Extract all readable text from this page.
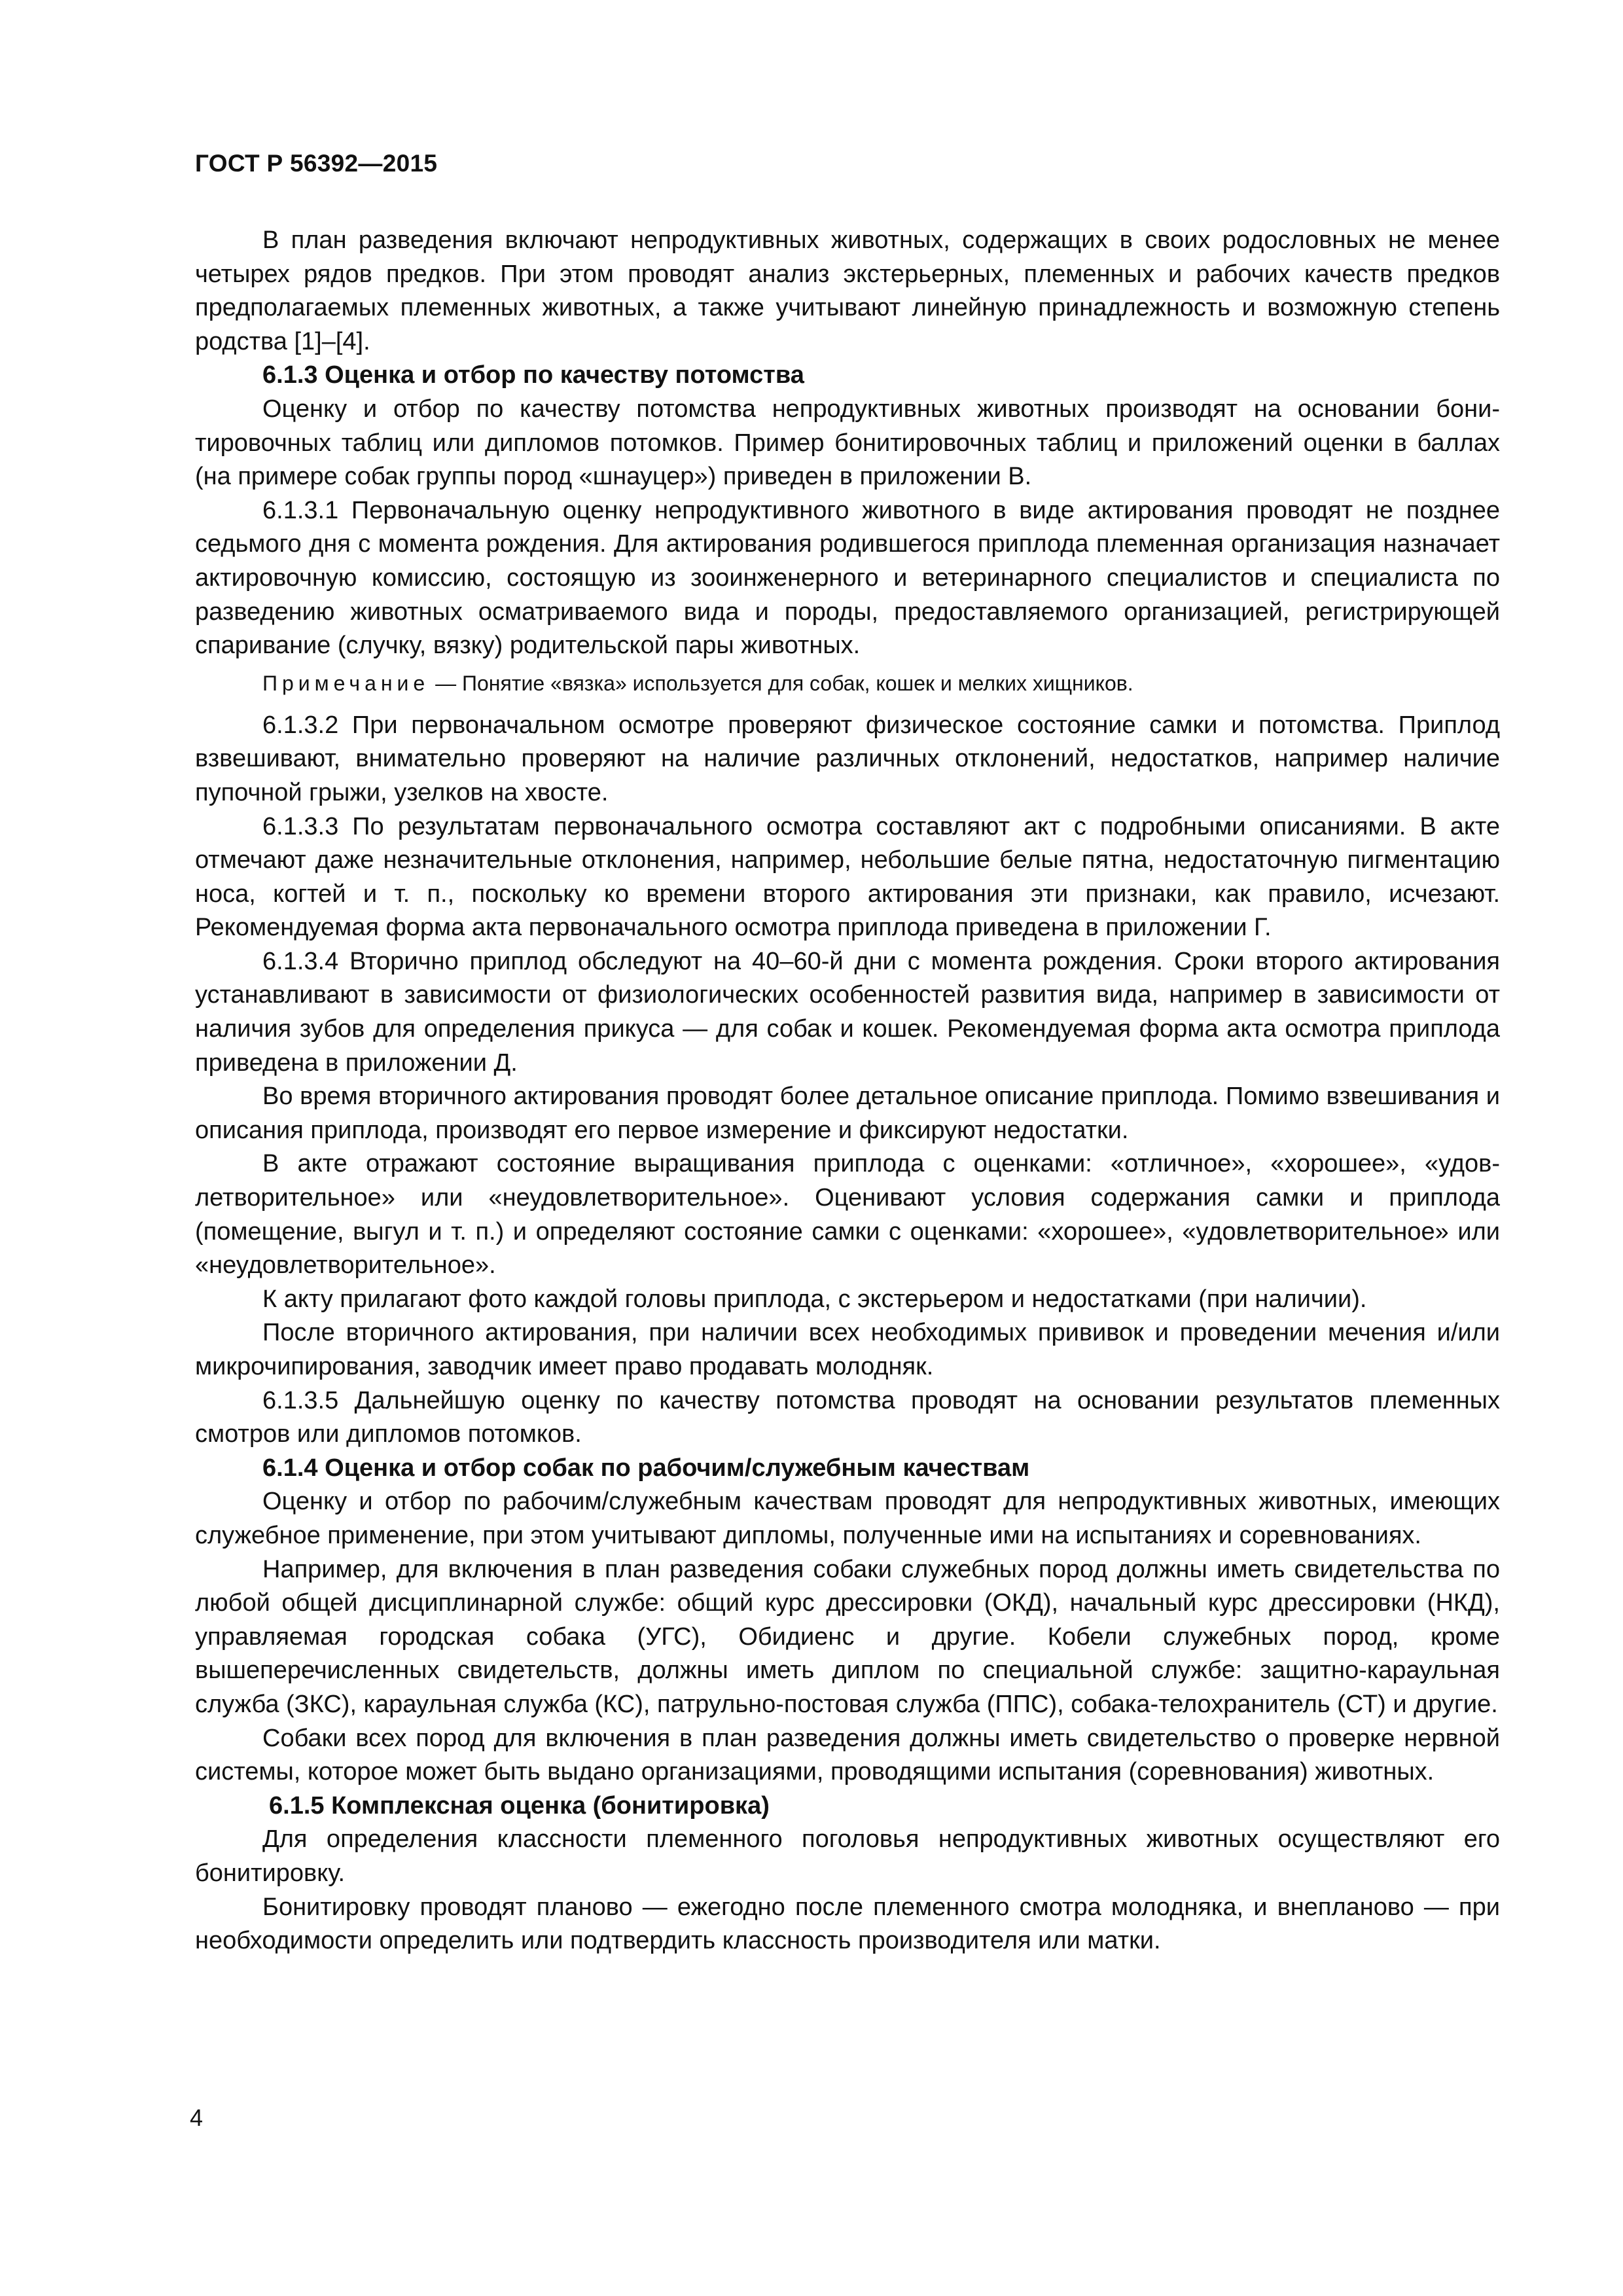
ГОСТ Р 56392—2015

В план разведения включают непродуктивных животных, содержащих в своих родословных не менее четырех рядов предков. При этом проводят анализ экстерьерных, племенных и рабочих качеств предков предполагаемых племенных животных, а также учитывают линейную принадлежность и возможную степень родства [1]–[4].

6.1.3 Оценка и отбор по качеству потомства

Оценку и отбор по качеству потомства непродуктивных животных производят на основании бонитировочных таблиц или дипломов потомков. Пример бонитировочных таблиц и приложений оценки в баллах (на примере собак группы пород «шнауцер») приведен в приложении В.

6.1.3.1 Первоначальную оценку непродуктивного животного в виде актирования проводят не позднее седьмого дня с момента рождения. Для актирования родившегося приплода племенная организация назначает актировочную комиссию, состоящую из зооинженерного и ветеринарного специалистов и специалиста по разведению животных осматриваемого вида и породы, предоставляемого организацией, регистрирующей спаривание (случку, вязку) родительской пары животных.

Примечание — Понятие «вязка» используется для собак, кошек и мелких хищников.

6.1.3.2 При первоначальном осмотре проверяют физическое состояние самки и потомства. Приплод взвешивают, внимательно проверяют на наличие различных отклонений, недостатков, например наличие пупочной грыжи, узелков на хвосте.

6.1.3.3 По результатам первоначального осмотра составляют акт с подробными описаниями. В акте отмечают даже незначительные отклонения, например, небольшие белые пятна, недостаточную пигментацию носа, когтей и т. п., поскольку ко времени второго актирования эти признаки, как правило, исчезают. Рекомендуемая форма акта первоначального осмотра приплода приведена в приложении Г.

6.1.3.4 Вторично приплод обследуют на 40–60-й дни с момента рождения. Сроки второго актирования устанавливают в зависимости от физиологических особенностей развития вида, например в зависимости от наличия зубов для определения прикуса — для собак и кошек. Рекомендуемая форма акта осмотра приплода приведена в приложении Д.

Во время вторичного актирования проводят более детальное описание приплода. Помимо взвешивания и описания приплода, производят его первое измерение и фиксируют недостатки.

В акте отражают состояние выращивания приплода с оценками: «отличное», «хорошее», «удовлетворительное» или «неудовлетворительное». Оценивают условия содержания самки и приплода (помещение, выгул и т. п.) и определяют состояние самки с оценками: «хорошее», «удовлетворительное» или «неудовлетворительное».

К акту прилагают фото каждой головы приплода, с экстерьером и недостатками (при наличии).

После вторичного актирования, при наличии всех необходимых прививок и проведении мечения и/или микрочипирования, заводчик имеет право продавать молодняк.

6.1.3.5 Дальнейшую оценку по качеству потомства проводят на основании результатов племенных смотров или дипломов потомков.

6.1.4 Оценка и отбор собак по рабочим/служебным качествам

Оценку и отбор по рабочим/служебным качествам проводят для непродуктивных животных, имеющих служебное применение, при этом учитывают дипломы, полученные ими на испытаниях и соревнованиях.

Например, для включения в план разведения собаки служебных пород должны иметь свидетельства по любой общей дисциплинарной службе: общий курс дрессировки (ОКД), начальный курс дрессировки (НКД), управляемая городская собака (УГС), Обидиенс и другие. Кобели служебных пород, кроме вышеперечисленных свидетельств, должны иметь диплом по специальной службе: защитно-караульная служба (ЗКС), караульная служба (КС), патрульно-постовая служба (ППС), собака-телохранитель (СТ) и другие.

Собаки всех пород для включения в план разведения должны иметь свидетельство о проверке нервной системы, которое может быть выдано организациями, проводящими испытания (соревнования) животных.

6.1.5 Комплексная оценка (бонитировка)

Для определения классности племенного поголовья непродуктивных животных осуществляют его бонитировку.

Бонитировку проводят планово — ежегодно после племенного смотра молодняка, и внепланово — при необходимости определить или подтвердить классность производителя или матки.

4
